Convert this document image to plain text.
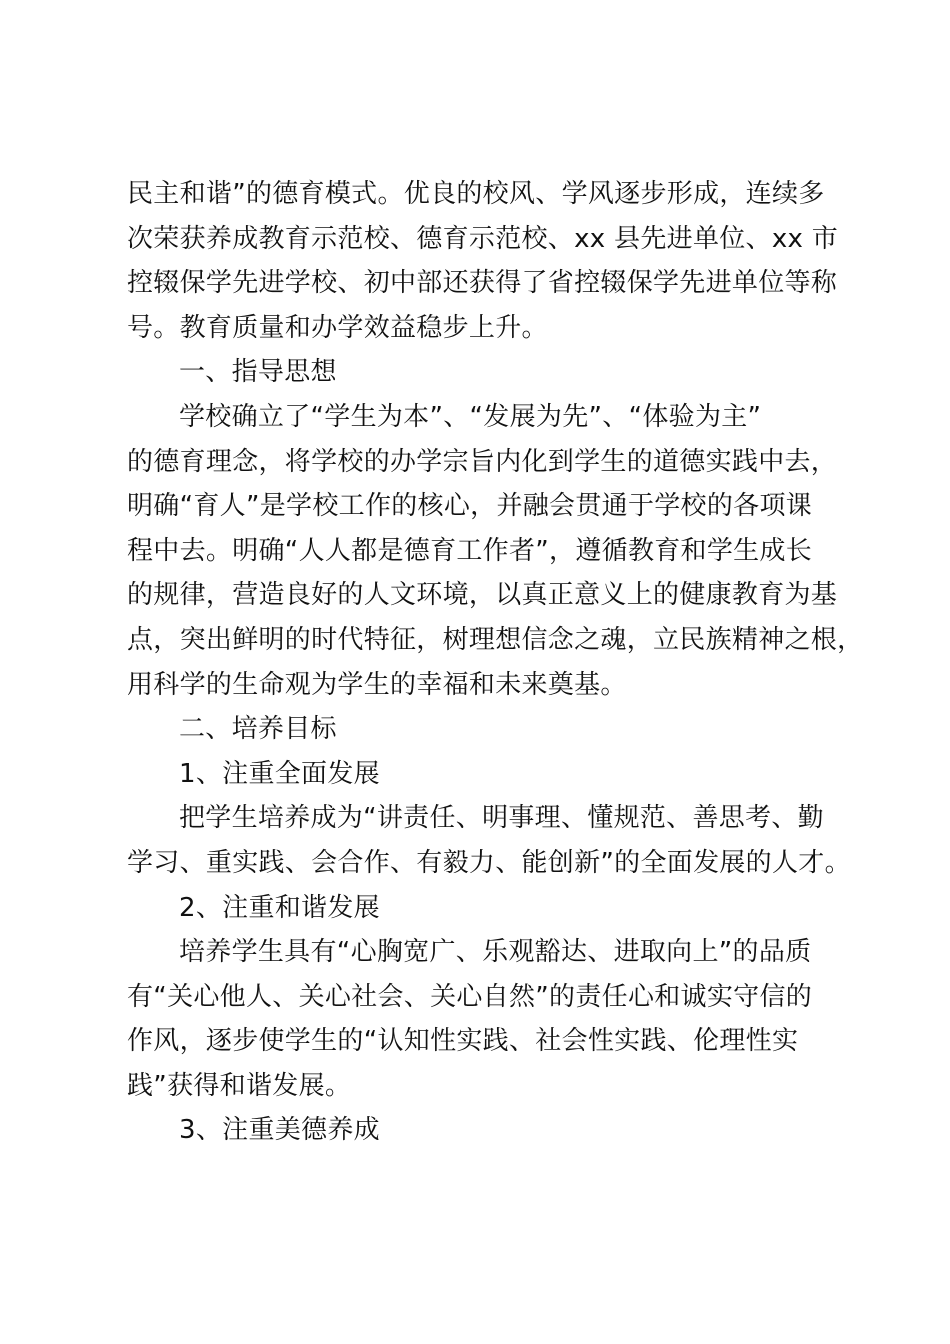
民主和谐”的德育模式。优良的校风、学风逐步形成，连续多
次荣获养成教育示范校、德育示范校、xx 县先进单位、xx 市
控辍保学先进学校、初中部还获得了省控辍保学先进单位等称
号。教育质量和办学效益稳步上升。
一、指导思想
学校确立了“学生为本”、“发展为先”、“体验为主”
的德育理念，将学校的办学宗旨内化到学生的道德实践中去，
明确“育人”是学校工作的核心，并融会贯通于学校的各项课
程中去。明确“人人都是德育工作者”，遵循教育和学生成长
的规律，营造良好的人文环境，以真正意义上的健康教育为基
点，突出鲜明的时代特征，树理想信念之魂，立民族精神之根，
用科学的生命观为学生的幸福和未来奠基。
二、培养目标
1、注重全面发展
把学生培养成为“讲责任、明事理、懂规范、善思考、勤
学习、重实践、会合作、有毅力、能创新”的全面发展的人才。
2、注重和谐发展
培养学生具有“心胸宽广、乐观豁达、进取向上”的品质
有“关心他人、关心社会、关心自然”的责任心和诚实守信的
作风，逐步使学生的“认知性实践、社会性实践、伦理性实
践”获得和谐发展。
3、注重美德养成
